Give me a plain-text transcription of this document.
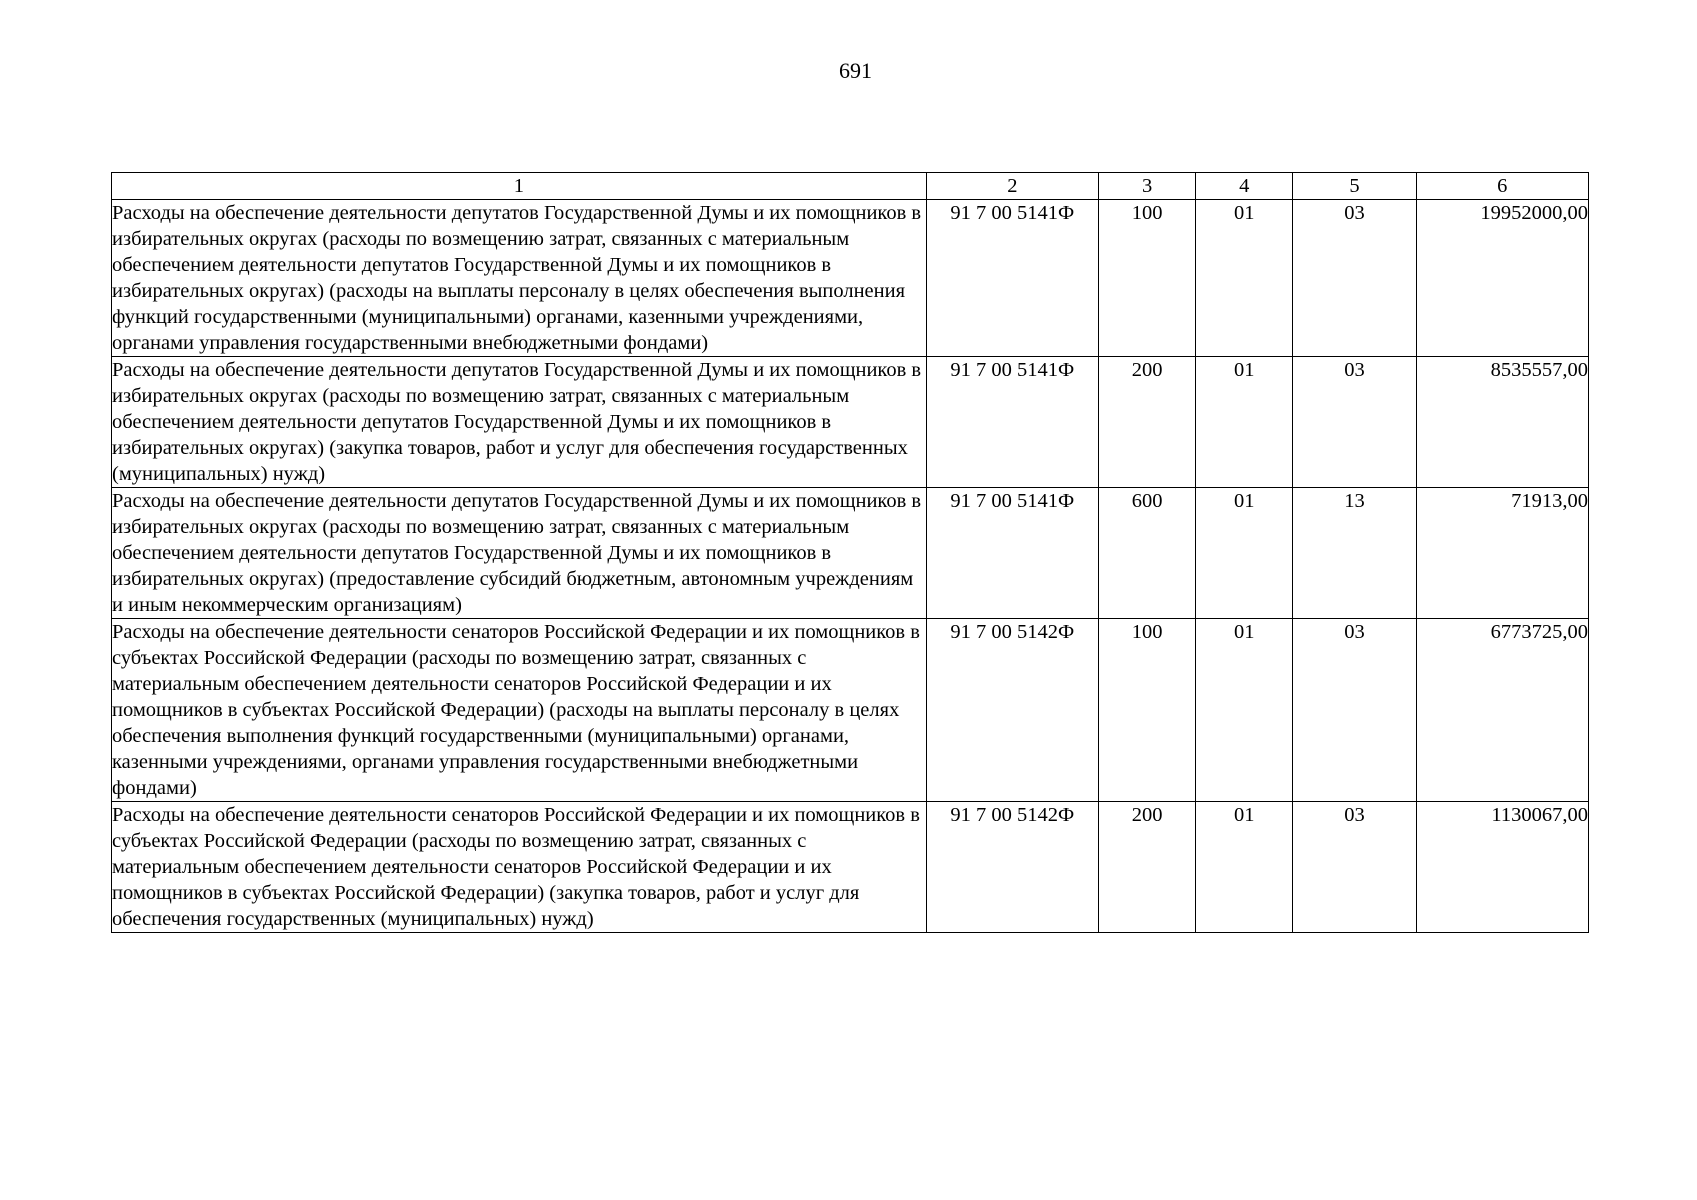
691
1	2	3	4	5	6
Расходы на обеспечение деятельности депутатов Государственной Думы и их помощников в избирательных округах (расходы по возмещению затрат, связанных с материальным обеспечением деятельности депутатов Государственной Думы и их помощников в избирательных округах) (расходы на выплаты персоналу в целях обеспечения выполнения функций государственными (муниципальными) органами, казенными учреждениями, органами управления государственными внебюджетными фондами)	91 7 00 5141Ф	100	01	03	19952000,00
Расходы на обеспечение деятельности депутатов Государственной Думы и их помощников в избирательных округах (расходы по возмещению затрат, связанных с материальным обеспечением деятельности депутатов Государственной Думы и их помощников в избирательных округах) (закупка товаров, работ и услуг для обеспечения государственных (муниципальных) нужд)	91 7 00 5141Ф	200	01	03	8535557,00
Расходы на обеспечение деятельности депутатов Государственной Думы и их помощников в избирательных округах (расходы по возмещению затрат, связанных с материальным обеспечением деятельности депутатов Государственной Думы и их помощников в избирательных округах) (предоставление субсидий бюджетным, автономным учреждениям и иным некоммерческим организациям)	91 7 00 5141Ф	600	01	13	71913,00
Расходы на обеспечение деятельности сенаторов Российской Федерации и их помощников в субъектах Российской Федерации (расходы по возмещению затрат, связанных с материальным обеспечением деятельности сенаторов Российской Федерации и их помощников в субъектах Российской Федерации) (расходы на выплаты персоналу в целях обеспечения выполнения функций государственными (муниципальными) органами, казенными учреждениями, органами управления государственными внебюджетными фондами)	91 7 00 5142Ф	100	01	03	6773725,00
Расходы на обеспечение деятельности сенаторов Российской Федерации и их помощников в субъектах Российской Федерации (расходы по возмещению затрат, связанных с материальным обеспечением деятельности сенаторов Российской Федерации и их помощников в субъектах Российской Федерации) (закупка товаров, работ и услуг для обеспечения государственных (муниципальных) нужд)	91 7 00 5142Ф	200	01	03	1130067,00
